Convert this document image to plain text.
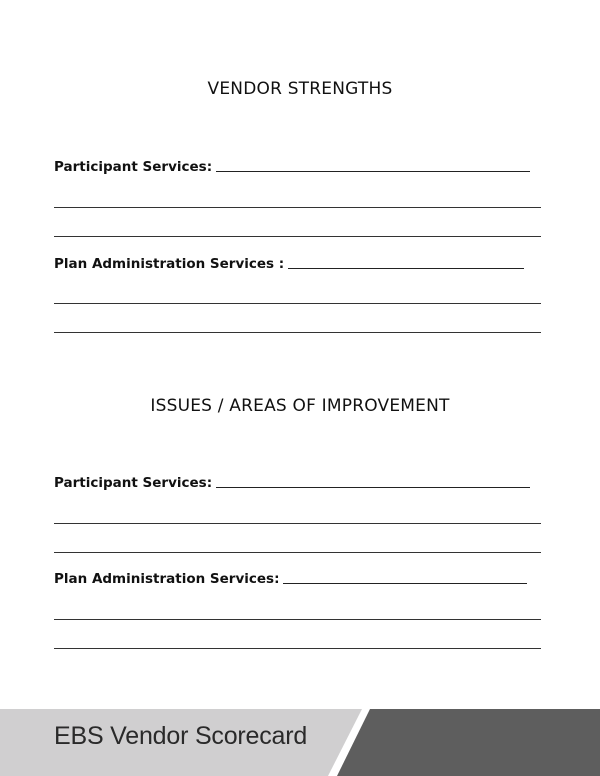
VENDOR STRENGTHS
Participant Services:
Plan Administration Services :
ISSUES / AREAS OF IMPROVEMENT
Participant Services:
Plan Administration Services:
EBS Vendor Scorecard
